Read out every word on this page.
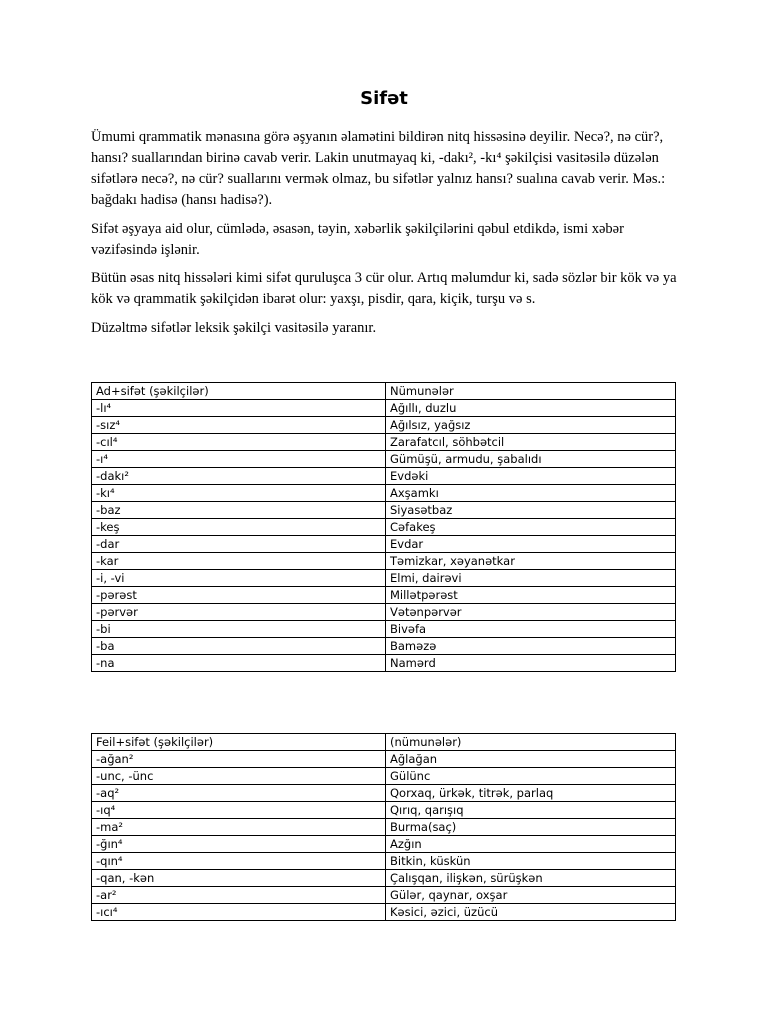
Sifət

Ümumi qrammatik mənasına görə əşyanın əlamətini bildirən nitq hissəsinə deyilir. Necə?, nə cür?, hansı? suallarından birinə cavab verir. Lakin unutmayaq ki, -dakı², -kı⁴ şəkilçisi vasitəsilə düzələn sifətlərə necə?, nə cür? suallarını vermək olmaz, bu sifətlər yalnız hansı? sualına cavab verir. Məs.: bağdakı hadisə (hansı hadisə?).

Sifət əşyaya aid olur, cümlədə, əsasən, təyin, xəbərlik şəkilçilərini qəbul etdikdə, ismi xəbər vəzifəsində işlənir.

Bütün əsas nitq hissələri kimi sifət quruluşca 3 cür olur. Artıq məlumdur ki, sadə sözlər bir kök və ya kök və qrammatik şəkilçidən ibarət olur: yaxşı, pisdir, qara, kiçik, turşu və s.

Düzəltmə sifətlər leksik şəkilçi vasitəsilə yaranır.

Ad+sifət (şəkilçilər)	Nümunələr
-lı⁴	Ağıllı, duzlu
-sız⁴	Ağılsız, yağsız
-cıl⁴	Zarafatcıl, söhbətcil
-ı⁴	Gümüşü, armudu, şabalıdı
-dakı²	Evdəki
-kı⁴	Axşamkı
-baz	Siyasətbaz
-keş	Cəfakeş
-dar	Evdar
-kar	Təmizkar, xəyanətkar
-i, -vi	Elmi, dairəvi
-pərəst	Millətpərəst
-pərvər	Vətənpərvər
-bi	Bivəfa
-ba	Baməzə
-na	Namərd
Feil+sifət (şəkilçilər)	(nümunələr)
-ağan²	Ağlağan
-unc, -ünc	Gülünc
-aq²	Qorxaq, ürkək, titrək, parlaq
-ıq⁴	Qırıq, qarışıq
-ma²	Burma(saç)
-ğın⁴	Azğın
-qın⁴	Bitkin, küskün
-qan, -kən	Çalışqan, ilişkən, sürüşkən
-ar²	Gülər, qaynar, oxşar
-ıcı⁴	Kəsici, əzici, üzücü
